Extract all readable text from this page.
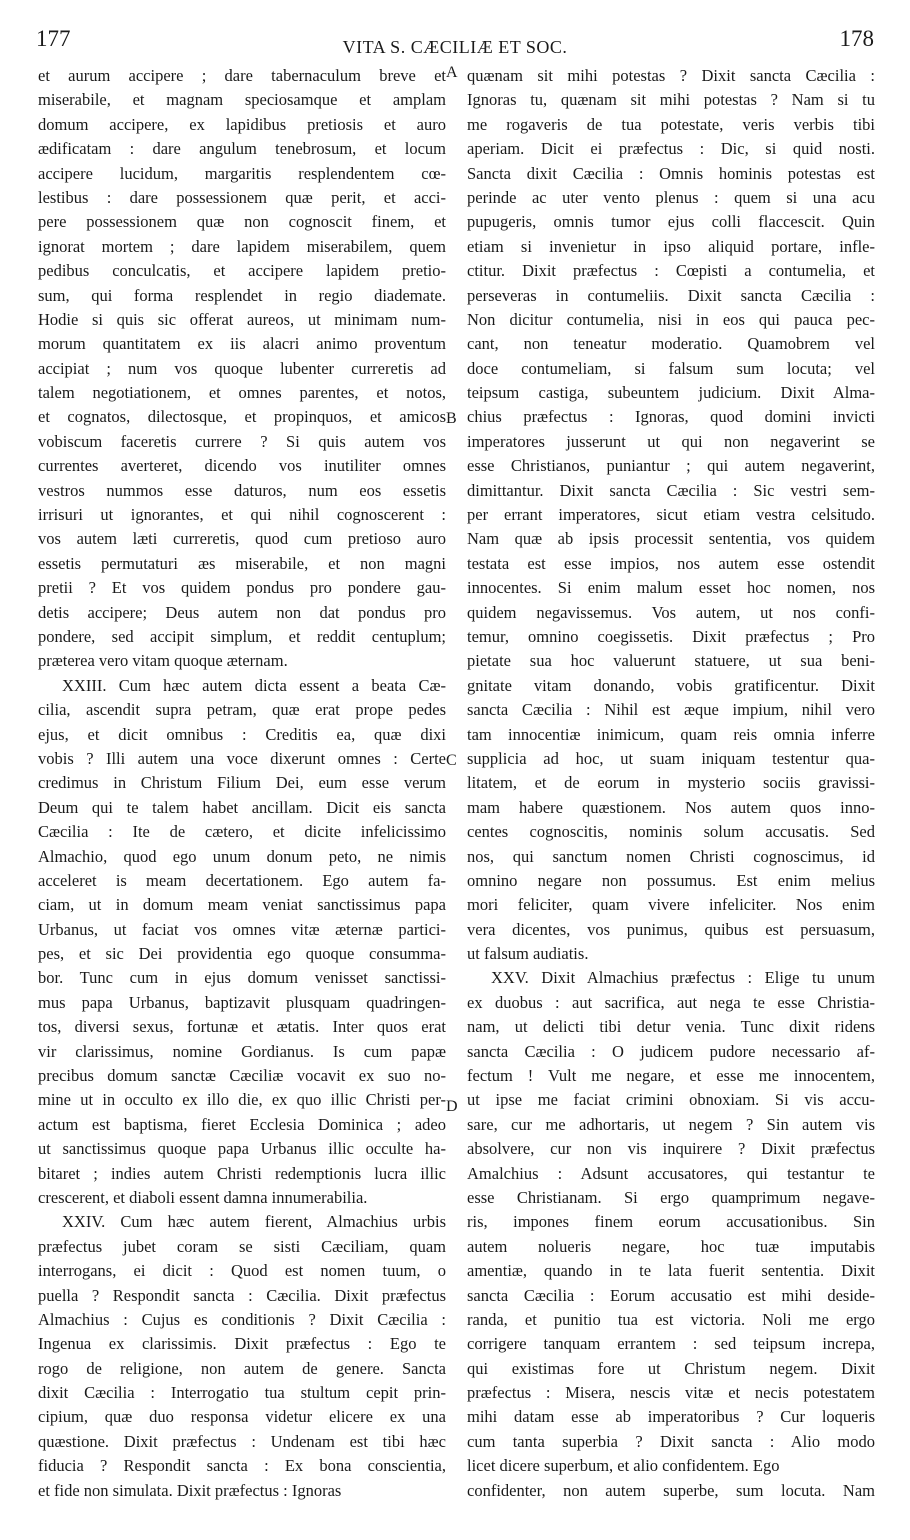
177	VITA S. CÆCILIÆ ET SOC.	178
A
B
C
D
et aurum accipere ; dare tabernaculum breve et
miserabile, et magnam speciosamque et amplam
domum accipere, ex lapidibus pretiosis et auro
ædificatam : dare angulum tenebrosum, et locum
accipere lucidum, margaritis resplendentem cœ-
lestibus : dare possessionem quæ perit, et acci-
pere possessionem quæ non cognoscit finem, et
ignorat mortem ; dare lapidem miserabilem, quem
pedibus conculcatis, et accipere lapidem pretio-
sum, qui forma resplendet in regio diademate.
Hodie si quis sic offerat aureos, ut minimam num-
morum quantitatem ex iis alacri animo proventum
accipiat ; num vos quoque lubenter curreretis ad
talem negotiationem, et omnes parentes, et notos,
et cognatos, dilectosque, et propinquos, et amicos
vobiscum faceretis currere ? Si quis autem vos
currentes averteret, dicendo vos inutiliter omnes
vestros nummos esse daturos, num eos essetis
irrisuri ut ignorantes, et qui nihil cognoscerent :
vos autem læti curreretis, quod cum pretioso auro
essetis permutaturi æs miserabile, et non magni
pretii ? Et vos quidem pondus pro pondere gau-
detis accipere; Deus autem non dat pondus pro
pondere, sed accipit simplum, et reddit centuplum;
præterea vero vitam quoque æternam.
XXIII. Cum hæc autem dicta essent a beata Cæ-
cilia, ascendit supra petram, quæ erat prope pedes
ejus, et dicit omnibus : Creditis ea, quæ dixi
vobis ? Illi autem una voce dixerunt omnes : Certe
credimus in Christum Filium Dei, eum esse verum
Deum qui te talem habet ancillam. Dicit eis sancta
Cæcilia : Ite de cætero, et dicite infelicissimo
Almachio, quod ego unum donum peto, ne nimis
acceleret is meam decertationem. Ego autem fa-
ciam, ut in domum meam veniat sanctissimus papa
Urbanus, ut faciat vos omnes vitæ æternæ partici-
pes, et sic Dei providentia ego quoque consumma-
bor. Tunc cum in ejus domum venisset sanctissi-
mus papa Urbanus, baptizavit plusquam quadringen-
tos, diversi sexus, fortunæ et ætatis. Inter quos erat
vir clarissimus, nomine Gordianus. Is cum papæ
precibus domum sanctæ Cæciliæ vocavit ex suo no-
mine ut in occulto ex illo die, ex quo illic Christi per-
actum est baptisma, fieret Ecclesia Dominica ; adeo
ut sanctissimus quoque papa Urbanus illic occulte ha-
bitaret ; indies autem Christi redemptionis lucra illic
crescerent, et diaboli essent damna innumerabilia.
XXIV. Cum hæc autem fierent, Almachius urbis
præfectus jubet coram se sisti Cæciliam, quam
interrogans, ei dicit : Quod est nomen tuum, o
puella ? Respondit sancta : Cæcilia. Dixit præfectus
Almachius : Cujus es conditionis ? Dixit Cæcilia :
Ingenua ex clarissimis. Dixit præfectus : Ego te
rogo de religione, non autem de genere. Sancta
dixit Cæcilia : Interrogatio tua stultum cepit prin-
cipium, quæ duo responsa videtur elicere ex una
quæstione. Dixit præfectus : Undenam est tibi hæc
fiducia ? Respondit sancta : Ex bona conscientia,
et fide non simulata. Dixit præfectus : Ignoras
quænam sit mihi potestas ? Dixit sancta Cæcilia :
Ignoras tu, quænam sit mihi potestas ? Nam si tu
me rogaveris de tua potestate, veris verbis tibi
aperiam. Dicit ei præfectus : Dic, si quid nosti.
Sancta dixit Cæcilia : Omnis hominis potestas est
perinde ac uter vento plenus : quem si una acu
pupugeris, omnis tumor ejus colli flaccescit. Quin
etiam si invenietur in ipso aliquid portare, infle-
ctitur. Dixit præfectus : Cœpisti a contumelia, et
perseveras in contumeliis. Dixit sancta Cæcilia :
Non dicitur contumelia, nisi in eos qui pauca pec-
cant, non teneatur moderatio. Quamobrem vel
doce contumeliam, si falsum sum locuta; vel
teipsum castiga, subeuntem judicium. Dixit Alma-
chius præfectus : Ignoras, quod domini invicti
imperatores jusserunt ut qui non negaverint se
esse Christianos, puniantur ; qui autem negaverint,
dimittantur. Dixit sancta Cæcilia : Sic vestri sem-
per errant imperatores, sicut etiam vestra celsitudo.
Nam quæ ab ipsis processit sententia, vos quidem
testata est esse impios, nos autem esse ostendit
innocentes. Si enim malum esset hoc nomen, nos
quidem negavissemus. Vos autem, ut nos confi-
temur, omnino coegissetis. Dixit præfectus ; Pro
pietate sua hoc valuerunt statuere, ut sua beni-
gnitate vitam donando, vobis gratificentur. Dixit
sancta Cæcilia : Nihil est æque impium, nihil vero
tam innocentiæ inimicum, quam reis omnia inferre
supplicia ad hoc, ut suam iniquam testentur qua-
litatem, et de eorum in mysterio sociis gravissi-
mam habere quæstionem. Nos autem quos inno-
centes cognoscitis, nominis solum accusatis. Sed
nos, qui sanctum nomen Christi cognoscimus, id
omnino negare non possumus. Est enim melius
mori feliciter, quam vivere infeliciter. Nos enim
vera dicentes, vos punimus, quibus est persuasum,
ut falsum audiatis.
XXV. Dixit Almachius præfectus : Elige tu unum
ex duobus : aut sacrifica, aut nega te esse Christia-
nam, ut delicti tibi detur venia. Tunc dixit ridens
sancta Cæcilia : O judicem pudore necessario af-
fectum ! Vult me negare, et esse me innocentem,
ut ipse me faciat crimini obnoxiam. Si vis accu-
sare, cur me adhortaris, ut negem ? Sin autem vis
absolvere, cur non vis inquirere ? Dixit præfectus
Amalchius : Adsunt accusatores, qui testantur te
esse Christianam. Si ergo quamprimum negave-
ris, impones finem eorum accusationibus. Sin
autem nolueris negare, hoc tuæ imputabis
amentiæ, quando in te lata fuerit sententia. Dixit
sancta Cæcilia : Eorum accusatio est mihi deside-
randa, et punitio tua est victoria. Noli me ergo
corrigere tanquam errantem : sed teipsum increpa,
qui existimas fore ut Christum negem. Dixit
præfectus : Misera, nescis vitæ et necis potestatem
mihi datam esse ab imperatoribus ? Cur loqueris
cum tanta superbia ? Dixit sancta : Alio modo
licet dicere superbum, et alio confidentem. Ego
confidenter, non autem superbe, sum locuta. Nam
